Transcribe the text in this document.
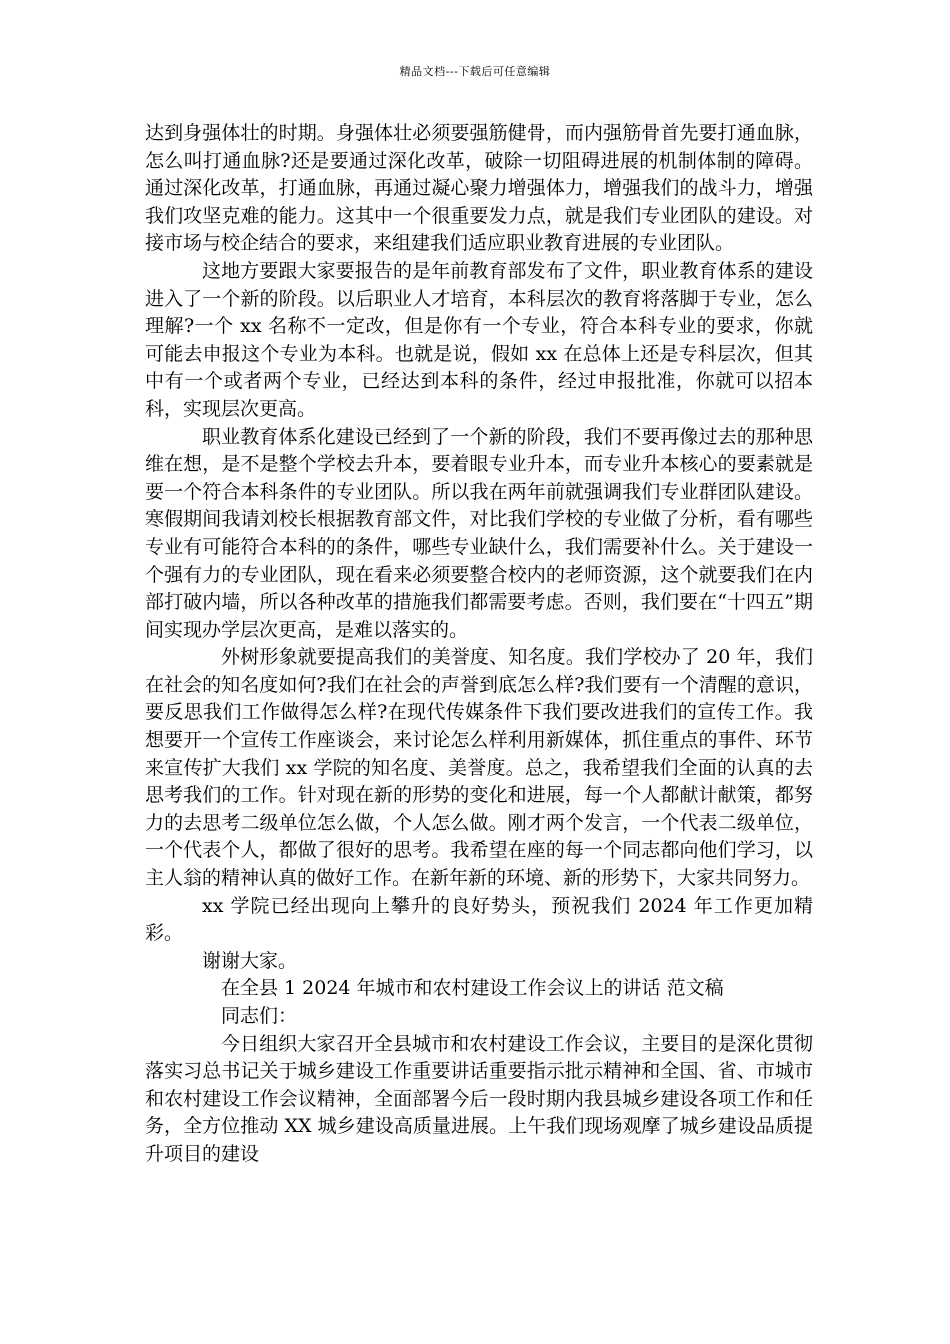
精品文档---下载后可任意编辑

达到身强体壮的时期。身强体壮必须要强筋健骨，而内强筋骨首先要打通血脉，怎么叫打通血脉?还是要通过深化改革，破除一切阻碍进展的机制体制的障碍。通过深化改革，打通血脉，再通过凝心聚力增强体力，增强我们的战斗力，增强我们攻坚克难的能力。这其中一个很重要发力点，就是我们专业团队的建设。对接市场与校企结合的要求，来组建我们适应职业教育进展的专业团队。

这地方要跟大家要报告的是年前教育部发布了文件，职业教育体系的建设进入了一个新的阶段。以后职业人才培育，本科层次的教育将落脚于专业，怎么理解?一个 xx 名称不一定改，但是你有一个专业，符合本科专业的要求，你就可能去申报这个专业为本科。也就是说，假如 xx 在总体上还是专科层次，但其中有一个或者两个专业，已经达到本科的条件，经过申报批准，你就可以招本科，实现层次更高。

职业教育体系化建设已经到了一个新的阶段，我们不要再像过去的那种思维在想，是不是整个学校去升本，要着眼专业升本，而专业升本核心的要素就是要一个符合本科条件的专业团队。所以我在两年前就强调我们专业群团队建设。寒假期间我请刘校长根据教育部文件，对比我们学校的专业做了分析，看有哪些专业有可能符合本科的的条件，哪些专业缺什么，我们需要补什么。关于建设一个强有力的专业团队，现在看来必须要整合校内的老师资源，这个就要我们在内部打破内墙，所以各种改革的措施我们都需要考虑。否则，我们要在“十四五”期间实现办学层次更高，是难以落实的。

外树形象就要提高我们的美誉度、知名度。我们学校办了 20 年，我们在社会的知名度如何?我们在社会的声誉到底怎么样?我们要有一个清醒的意识，要反思我们工作做得怎么样?在现代传媒条件下我们要改进我们的宣传工作。我想要开一个宣传工作座谈会，来讨论怎么样利用新媒体，抓住重点的事件、环节来宣传扩大我们 xx 学院的知名度、美誉度。总之，我希望我们全面的认真的去思考我们的工作。针对现在新的形势的变化和进展，每一个人都献计献策，都努力的去思考二级单位怎么做，个人怎么做。刚才两个发言，一个代表二级单位，一个代表个人，都做了很好的思考。我希望在座的每一个同志都向他们学习，以主人翁的精神认真的做好工作。在新年新的环境、新的形势下，大家共同努力。

xx 学院已经出现向上攀升的良好势头，预祝我们 2024 年工作更加精彩。

谢谢大家。

在全县 1 2024 年城市和农村建设工作会议上的讲话 范文稿

同志们：

今日组织大家召开全县城市和农村建设工作会议，主要目的是深化贯彻落实习总书记关于城乡建设工作重要讲话重要指示批示精神和全国、省、市城市和农村建设工作会议精神，全面部署今后一段时期内我县城乡建设各项工作和任务，全方位推动 XX 城乡建设高质量进展。上午我们现场观摩了城乡建设品质提升项目的建设
